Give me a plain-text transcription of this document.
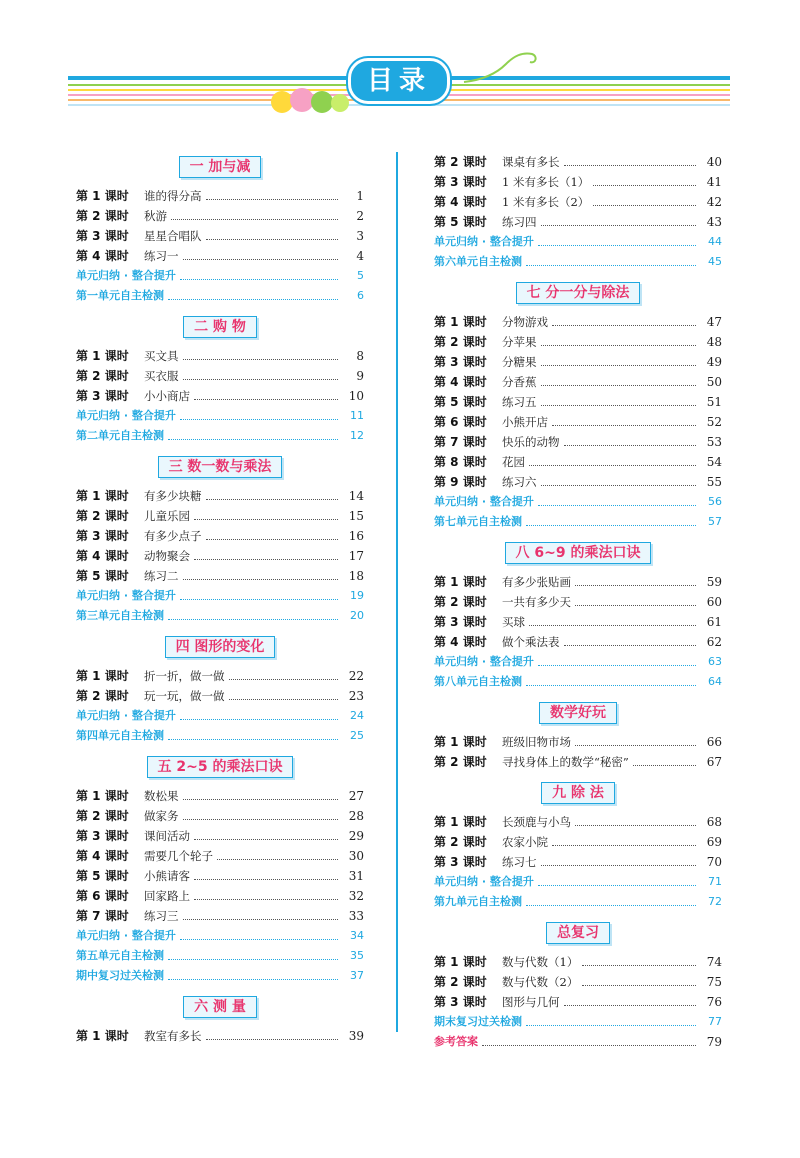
目录
一 加与减
第 1 课时	谁的得分高	1
第 2 课时	秋游	2
第 3 课时	星星合唱队	3
第 4 课时	练习一	4
单元归纳 · 整合提升	5
第一单元自主检测	6
二 购 物
第 1 课时	买文具	8
第 2 课时	买衣服	9
第 3 课时	小小商店	10
单元归纳 · 整合提升	11
第二单元自主检测	12
三 数一数与乘法
第 1 课时	有多少块糖	14
第 2 课时	儿童乐园	15
第 3 课时	有多少点子	16
第 4 课时	动物聚会	17
第 5 课时	练习二	18
单元归纳 · 整合提升	19
第三单元自主检测	20
四 图形的变化
第 1 课时	折一折，做一做	22
第 2 课时	玩一玩，做一做	23
单元归纳 · 整合提升	24
第四单元自主检测	25
五 2~5 的乘法口诀
第 1 课时	数松果	27
第 2 课时	做家务	28
第 3 课时	课间活动	29
第 4 课时	需要几个轮子	30
第 5 课时	小熊请客	31
第 6 课时	回家路上	32
第 7 课时	练习三	33
单元归纳 · 整合提升	34
第五单元自主检测	35
期中复习过关检测	37
六 测 量
第 1 课时	教室有多长	39
第 2 课时	课桌有多长	40
第 3 课时	1 米有多长（1）	41
第 4 课时	1 米有多长（2）	42
第 5 课时	练习四	43
单元归纳 · 整合提升	44
第六单元自主检测	45
七 分一分与除法
第 1 课时	分物游戏	47
第 2 课时	分苹果	48
第 3 课时	分糖果	49
第 4 课时	分香蕉	50
第 5 课时	练习五	51
第 6 课时	小熊开店	52
第 7 课时	快乐的动物	53
第 8 课时	花园	54
第 9 课时	练习六	55
单元归纳 · 整合提升	56
第七单元自主检测	57
八 6~9 的乘法口诀
第 1 课时	有多少张贴画	59
第 2 课时	一共有多少天	60
第 3 课时	买球	61
第 4 课时	做个乘法表	62
单元归纳 · 整合提升	63
第八单元自主检测	64
数学好玩
第 1 课时	班级旧物市场	66
第 2 课时	寻找身体上的数学“秘密”	67
九 除 法
第 1 课时	长颈鹿与小鸟	68
第 2 课时	农家小院	69
第 3 课时	练习七	70
单元归纳 · 整合提升	71
第九单元自主检测	72
总复习
第 1 课时	数与代数（1）	74
第 2 课时	数与代数（2）	75
第 3 课时	图形与几何	76
期末复习过关检测	77
参考答案	79
